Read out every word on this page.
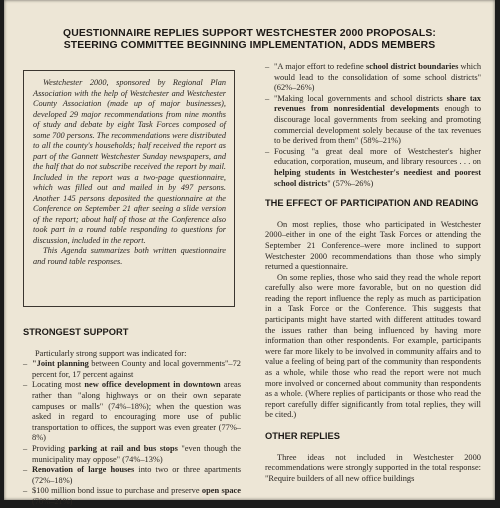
QUESTIONNAIRE REPLIES SUPPORT WESTCHESTER 2000 PROPOSALS:
STEERING COMMITTEE BEGINNING IMPLEMENTATION, ADDS MEMBERS

Westchester 2000, sponsored by Regional Plan Association with the help of Westchester and Westchester County Association (made up of major businesses), developed 29 major recommendations from nine months of study and debate by eight Task Forces composed of some 700 persons. The recommendations were distributed to all the county's households; half received the report as part of the Gannett Westchester Sunday newspapers, and the half that do not subscribe received the report by mail. Included in the report was a two-page questionnaire, which was filled out and mailed in by 497 persons. Another 145 persons deposited the questionnaire at the Conference on September 21 after seeing a slide version of the report; about half of those at the Conference also took part in a round table responding to questions for discussion, included in the report.

This Agenda summarizes both written questionnaire and round table responses.

STRONGEST SUPPORT

Particularly strong support was indicated for:

– "Joint planning between County and local governments"–72 percent for, 17 percent against
– Locating most new office development in downtown areas rather than "along highways or on their own separate campuses or malls" (74%–18%); when the question was asked in regard to encouraging more use of public transportation to offices, the support was even greater (77%–8%)
– Providing parking at rail and bus stops "even though the municipality may oppose" (74%–13%)
– Renovation of large houses into two or three apartments (72%–18%)
– $100 million bond issue to purchase and preserve open space (70%–21%)
– "A major effort to redefine school district boundaries which would lead to the consolidation of some school districts" (62%–26%)
– "Making local governments and school districts share tax revenues from nonresidential developments enough to discourage local governments from seeking and promoting commercial development solely because of the tax revenues to be derived from them" (58%–21%)
– Focusing "a great deal more of Westchester's higher education, corporation, museum, and library resources . . . on helping students in Westchester's neediest and poorest school districts" (57%–26%)
THE EFFECT OF PARTICIPATION AND READING

On most replies, those who participated in Westchester 2000–either in one of the eight Task Forces or attending the September 21 Conference–were more inclined to support Westchester 2000 recommendations than those who simply returned a questionnaire.

On some replies, those who said they read the whole report carefully also were more favorable, but on no question did reading the report influence the reply as much as participation in a Task Force or the Conference. This suggests that participants might have started with different attitudes toward the issues rather than being influenced by having more information than other respondents. For example, participants were far more likely to be involved in community affairs and to value a feeling of being part of the community than respondents as a whole, while those who read the report were not much more involved or concerned about community than respondents as a whole. (Where replies of participants or those who read the report carefully differ significantly from total replies, they will be cited.)

OTHER REPLIES

Three ideas not included in Westchester 2000 recommendations were strongly supported in the total response: "Require builders of all new office buildings
